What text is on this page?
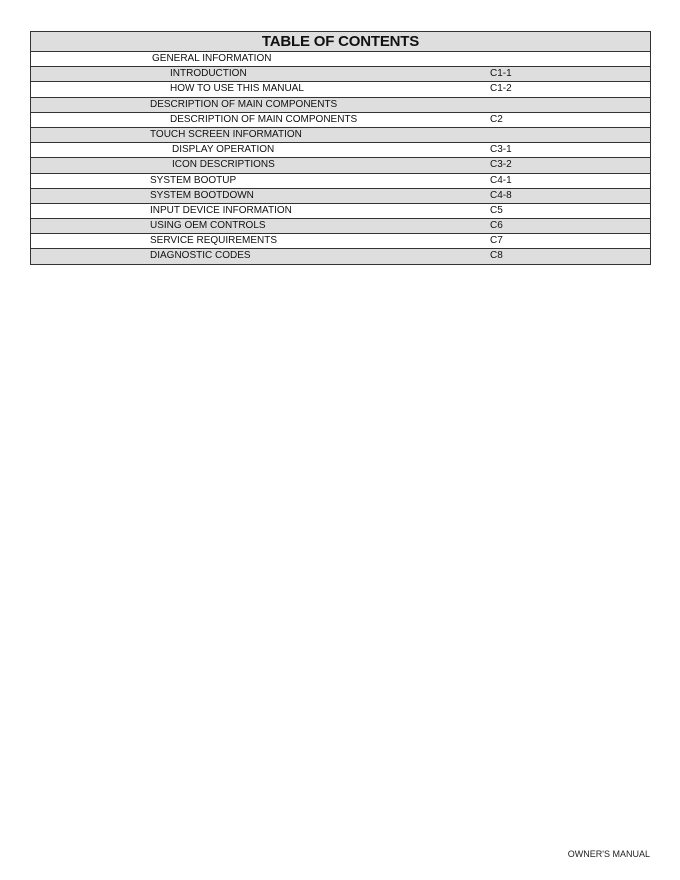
TABLE OF CONTENTS
GENERAL INFORMATION
INTRODUCTION	C1-1
HOW TO USE THIS MANUAL	C1-2
DESCRIPTION OF MAIN COMPONENTS
DESCRIPTION OF MAIN COMPONENTS	C2
TOUCH SCREEN INFORMATION
DISPLAY OPERATION	C3-1
ICON DESCRIPTIONS	C3-2
SYSTEM BOOTUP	C4-1
SYSTEM BOOTDOWN	C4-8
INPUT DEVICE INFORMATION	C5
USING OEM CONTROLS	C6
SERVICE REQUIREMENTS	C7
DIAGNOSTIC CODES	C8
OWNER'S MANUAL
